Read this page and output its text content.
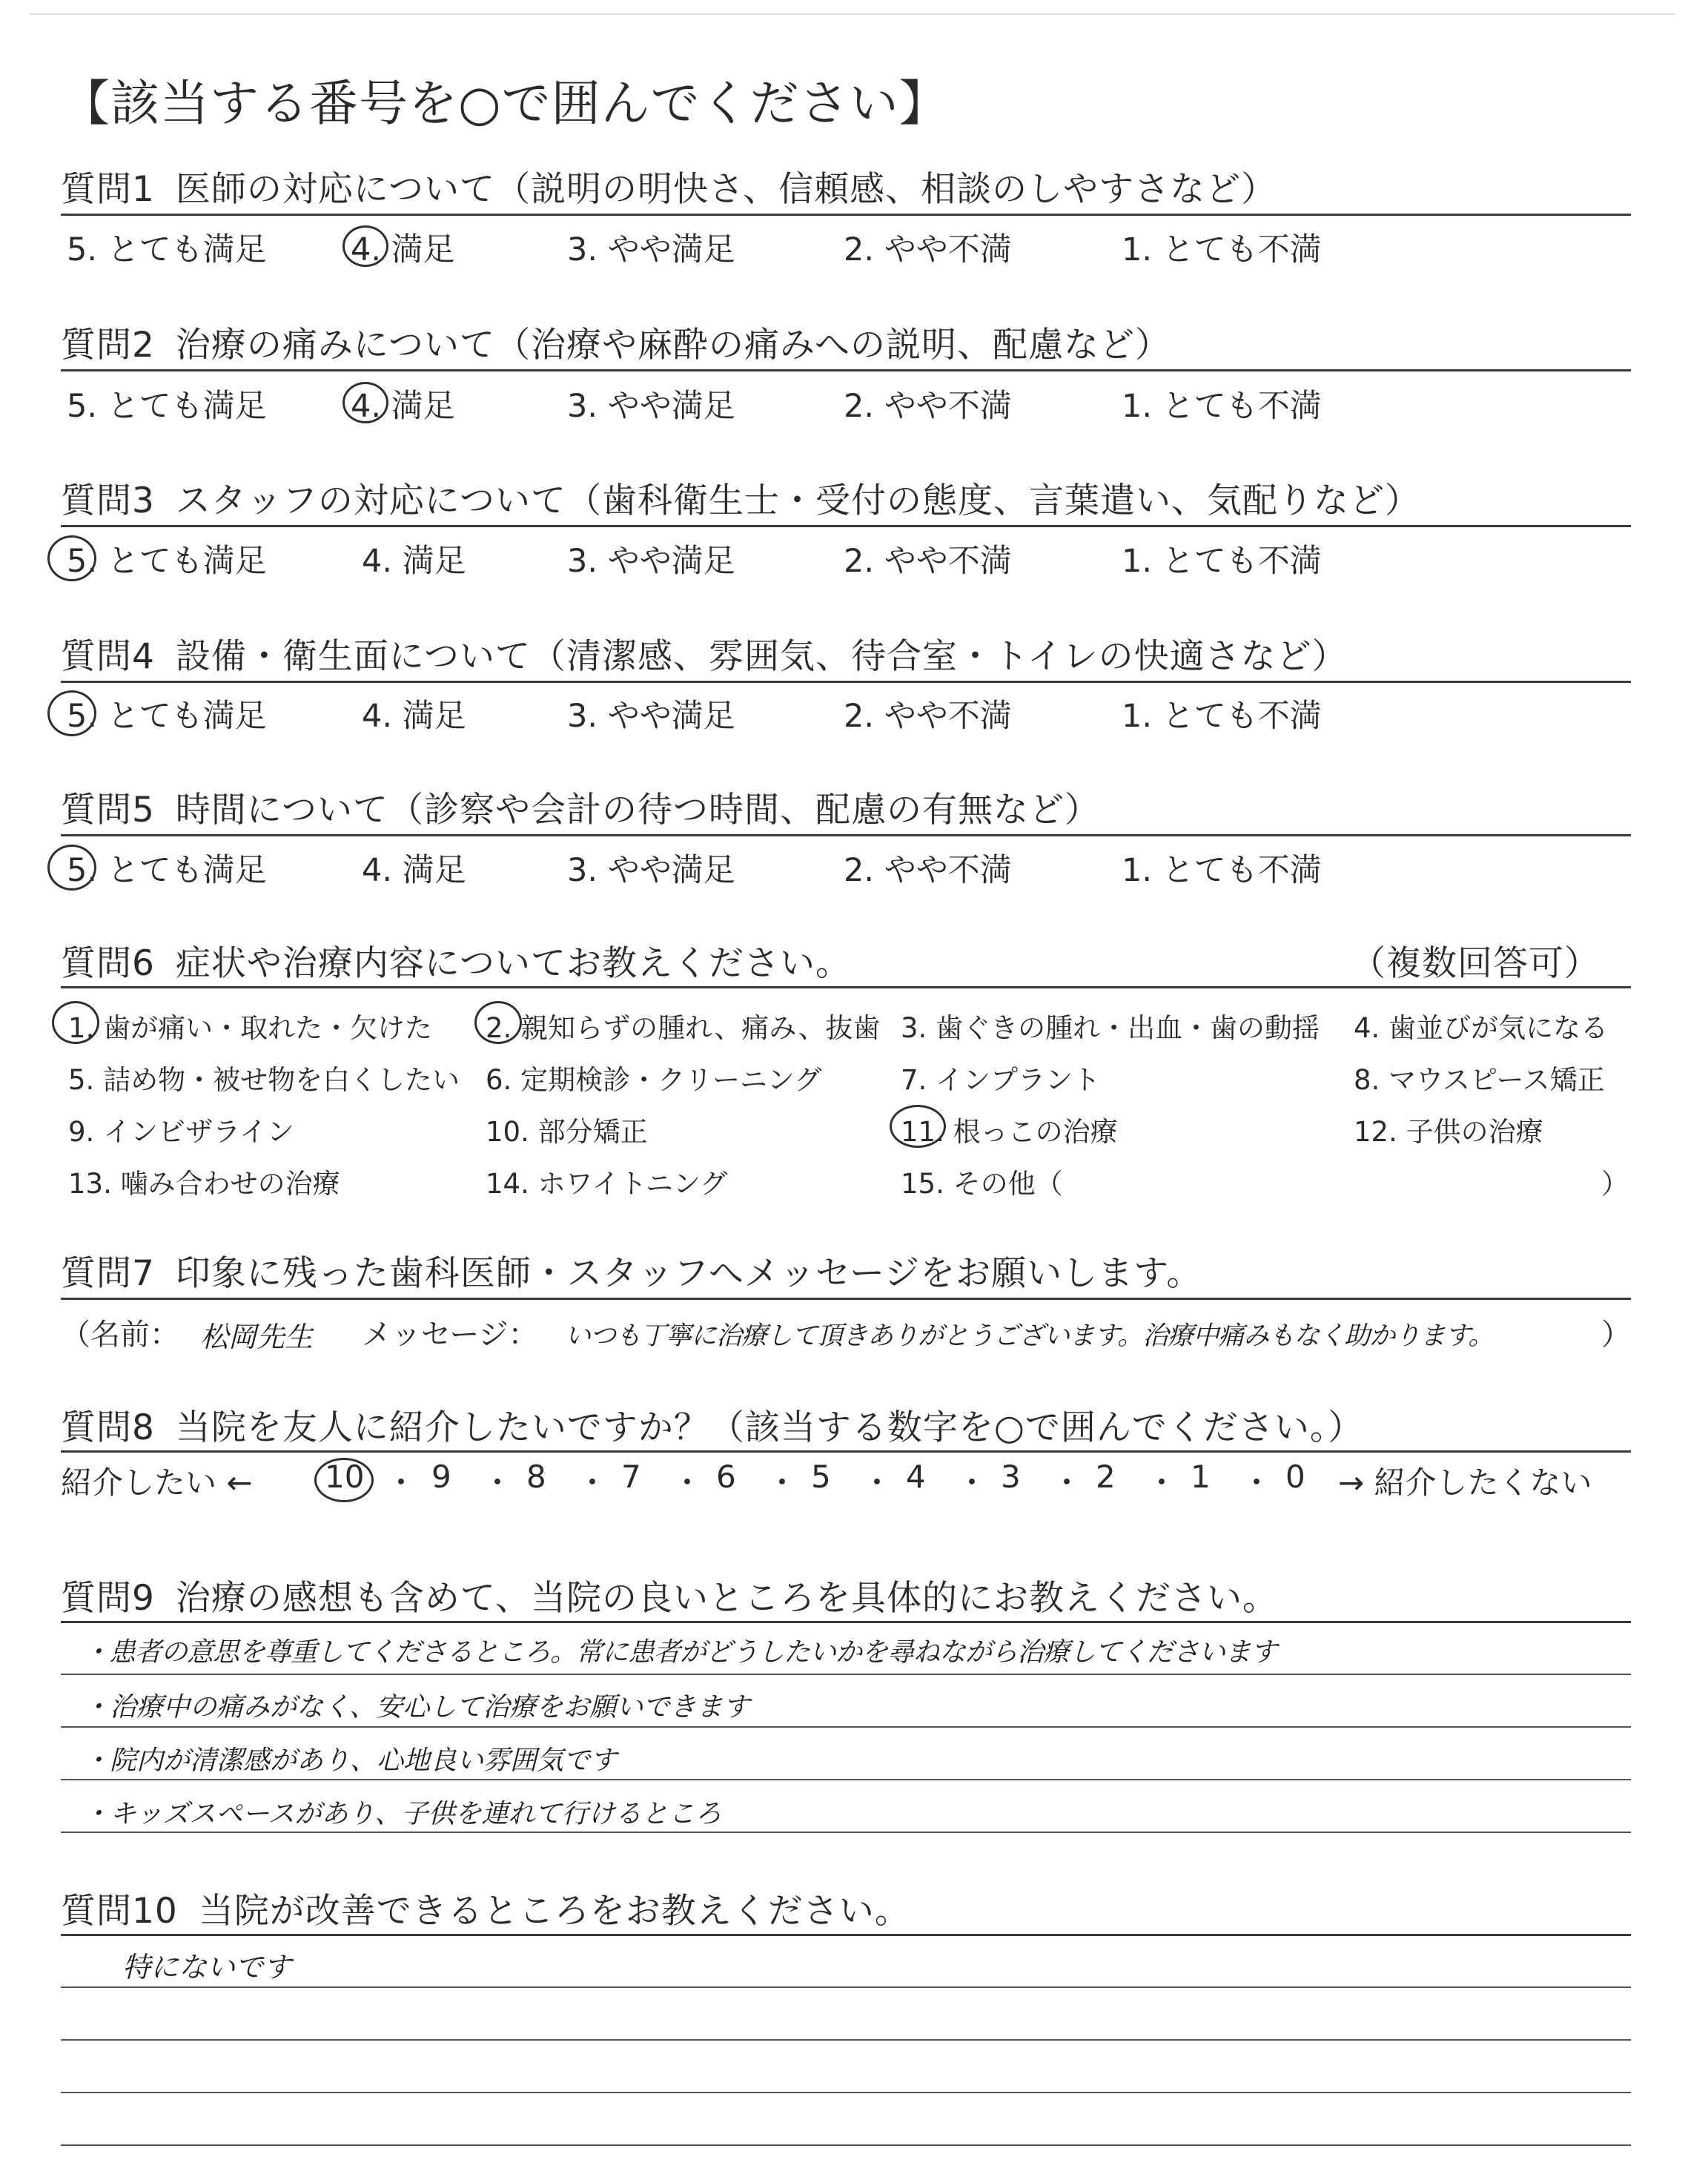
【該当する番号を○で囲んでください】
質問1 医師の対応について（説明の明快さ、信頼感、相談のしやすさなど）
5. とても満足	4. 満足	3. やや満足	2. やや不満	1. とても不満
質問2 治療の痛みについて（治療や麻酔の痛みへの説明、配慮など）
5. とても満足	4. 満足	3. やや満足	2. やや不満	1. とても不満
質問3 スタッフの対応について（歯科衛生士・受付の態度、言葉遣い、気配りなど）
5. とても満足	4. 満足	3. やや満足	2. やや不満	1. とても不満
質問4 設備・衛生面について（清潔感、雰囲気、待合室・トイレの快適さなど）
5. とても満足	4. 満足	3. やや満足	2. やや不満	1. とても不満
質問5 時間について（診察や会計の待つ時間、配慮の有無など）
5. とても満足	4. 満足	3. やや満足	2. やや不満	1. とても不満
質問6 症状や治療内容についてお教えください。	（複数回答可）
1. 歯が痛い・取れた・欠けた 2. 親知らずの腫れ、痛み、抜歯 3. 歯ぐきの腫れ・出血・歯の動揺 4. 歯並びが気になる
5. 詰め物・被せ物を白くしたい 6. 定期検診・クリーニング	7. インプラント	8. マウスピース矯正
9. インビザライン	10. 部分矯正	11. 根っこの治療	12. 子供の治療
13. 噛み合わせの治療	14. ホワイトニング	15. その他（	）
質問7 印象に残った歯科医師・スタッフへメッセージをお願いします。
（名前： 松岡先生 メッセージ： いつも丁寧に治療して頂きありがとうございます。治療中痛みもなく助かります。	）
質問8 当院を友人に紹介したいですか？（該当する数字を○で囲んでください。）
紹介したい ← 10 ・ 9 ・ 8 ・ 7 ・ 6 ・ 5 ・ 4 ・ 3 ・ 2 ・ 1 ・ 0 → 紹介したくない
質問9 治療の感想も含めて、当院の良いところを具体的にお教えください。
・患者の意思を尊重してくださるところ。常に患者がどうしたいかを尋ねながら治療してくださいます
・治療中の痛みがなく、安心して治療をお願いできます
・院内が清潔感があり、心地良い雰囲気です
・キッズスペースがあり、子供を連れて行けるところ
質問10 当院が改善できるところをお教えください。
特にないです
